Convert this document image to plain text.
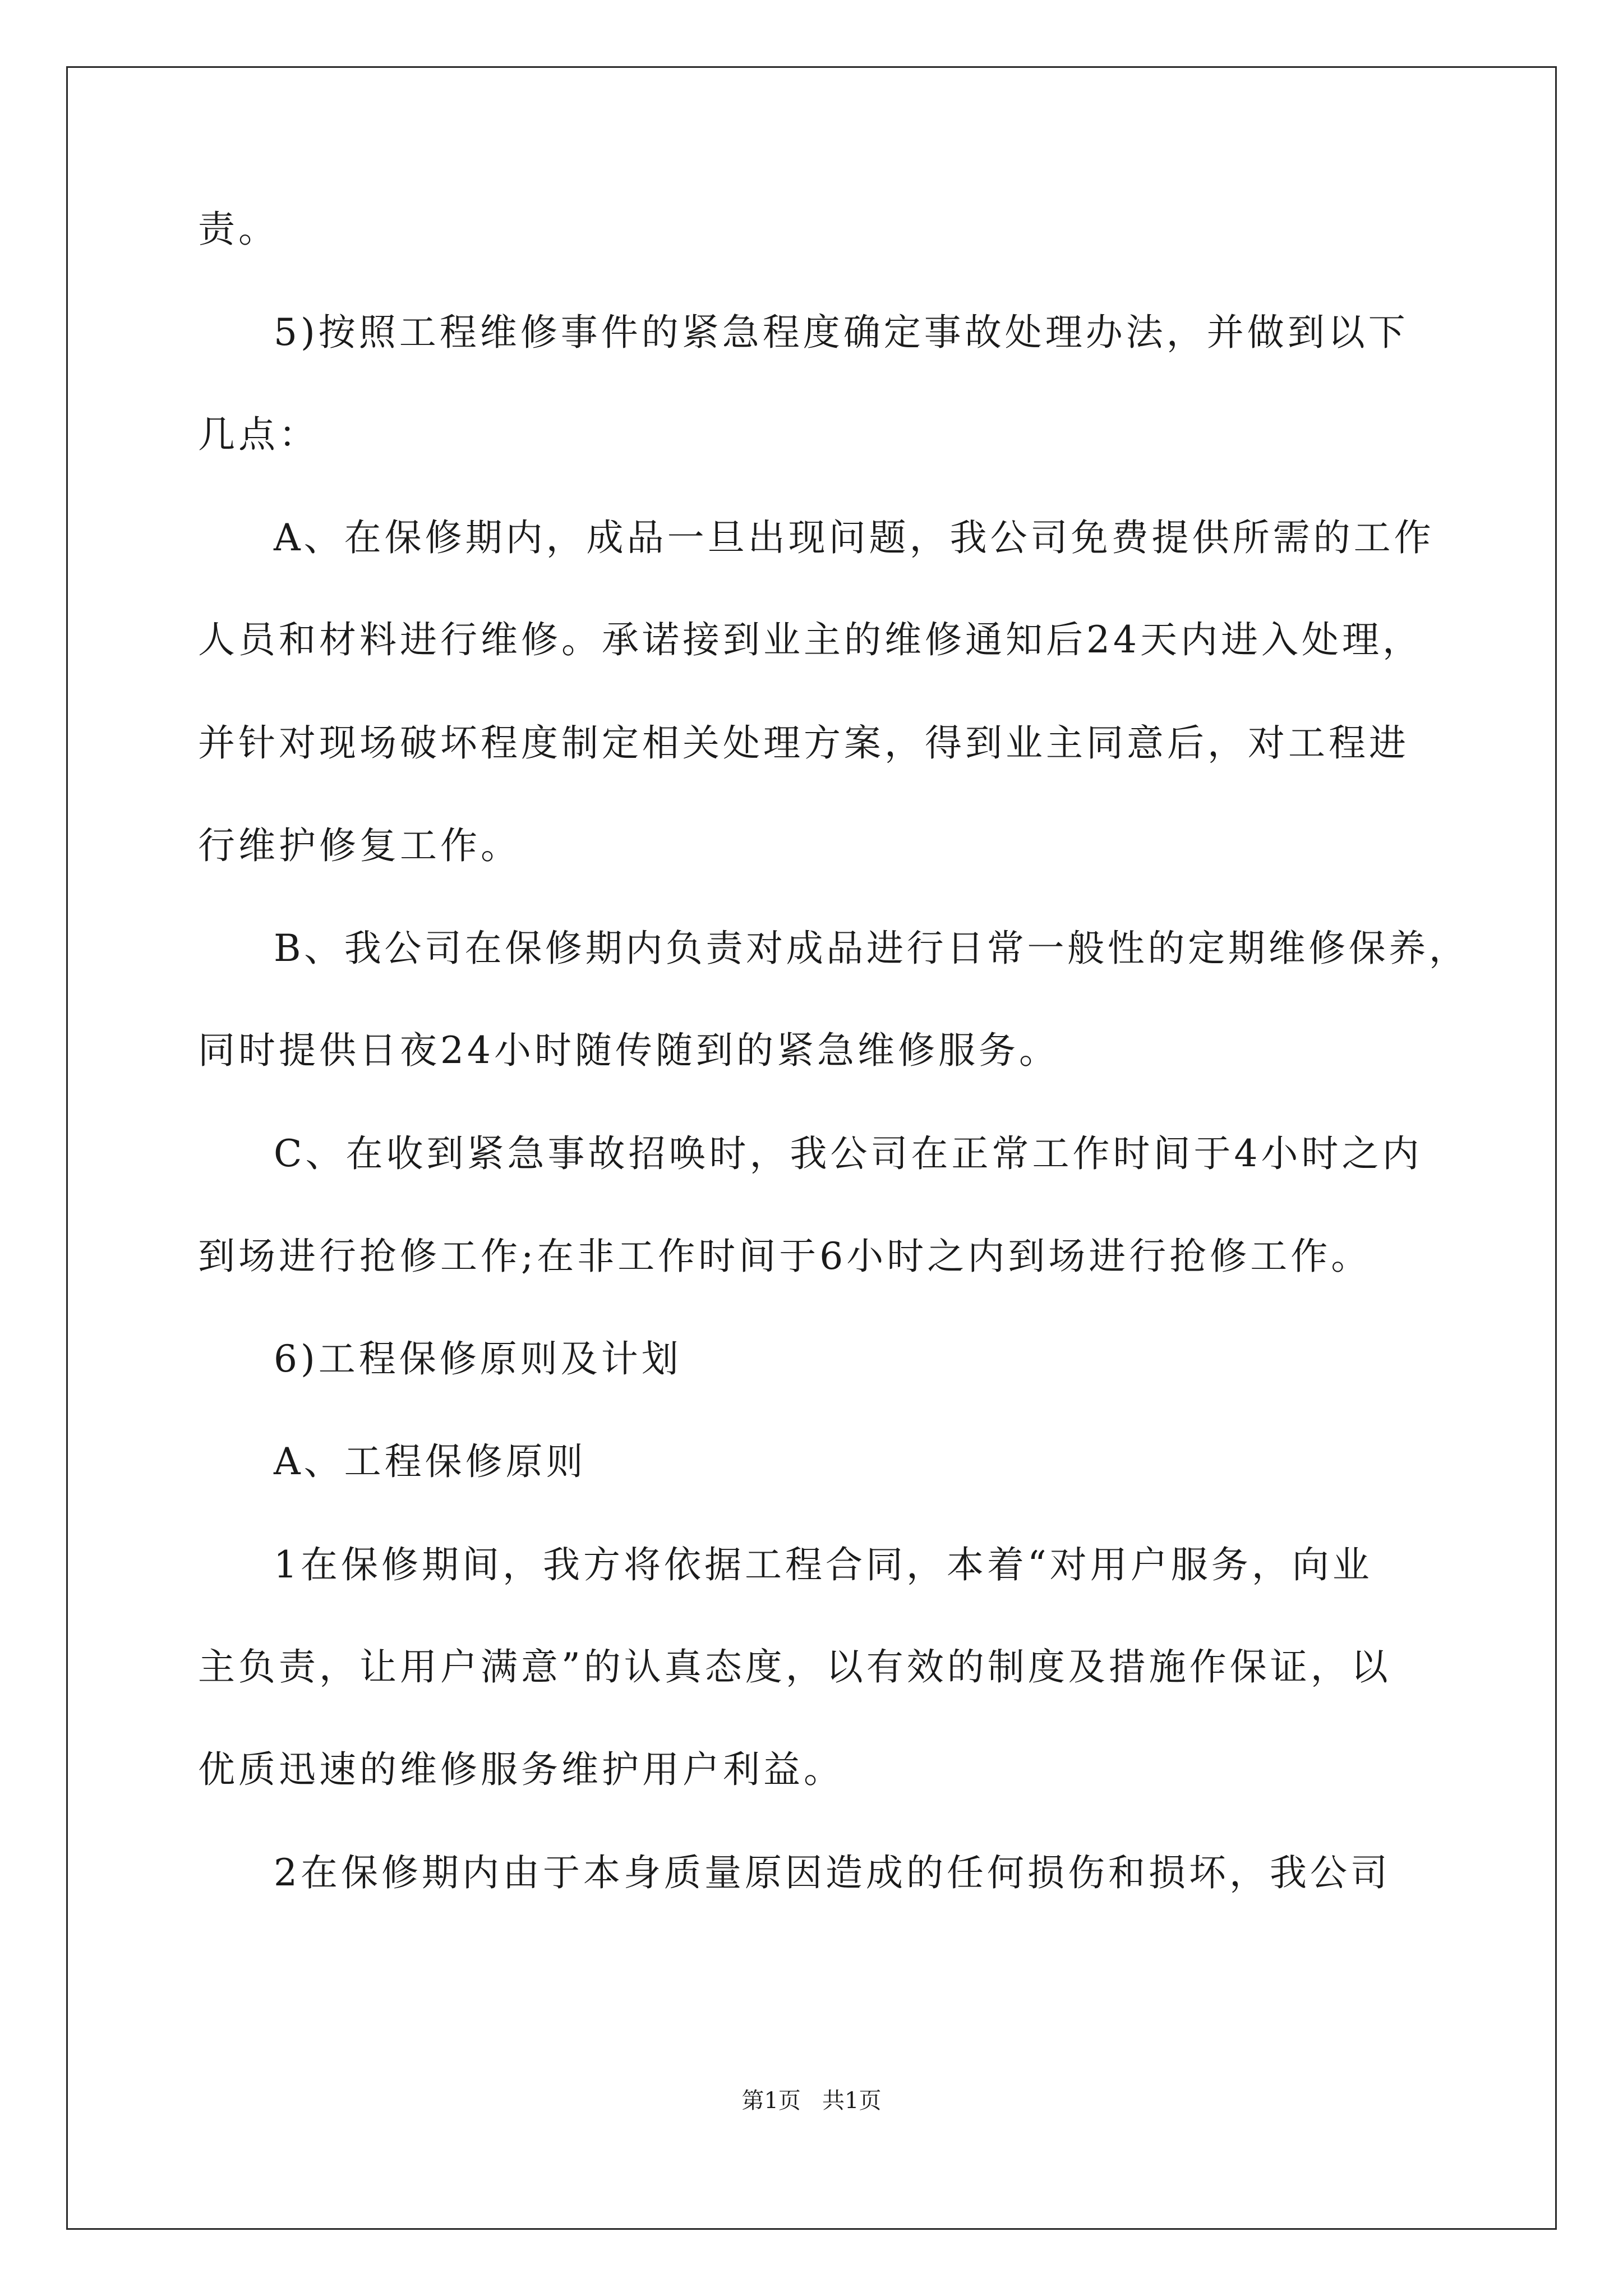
责。
5)按照工程维修事件的紧急程度确定事故处理办法，并做到以下
几点：
A、在保修期内，成品一旦出现问题，我公司免费提供所需的工作
人员和材料进行维修。承诺接到业主的维修通知后24天内进入处理，
并针对现场破坏程度制定相关处理方案，得到业主同意后，对工程进
行维护修复工作。
B、我公司在保修期内负责对成品进行日常一般性的定期维修保养，
同时提供日夜24小时随传随到的紧急维修服务。
C、在收到紧急事故招唤时，我公司在正常工作时间于4小时之内
到场进行抢修工作;在非工作时间于6小时之内到场进行抢修工作。
6)工程保修原则及计划
A、工程保修原则
1在保修期间，我方将依据工程合同，本着“对用户服务，向业
主负责，让用户满意”的认真态度，以有效的制度及措施作保证，以
优质迅速的维修服务维护用户利益。
2在保修期内由于本身质量原因造成的任何损伤和损坏，我公司
第1页   共1页
